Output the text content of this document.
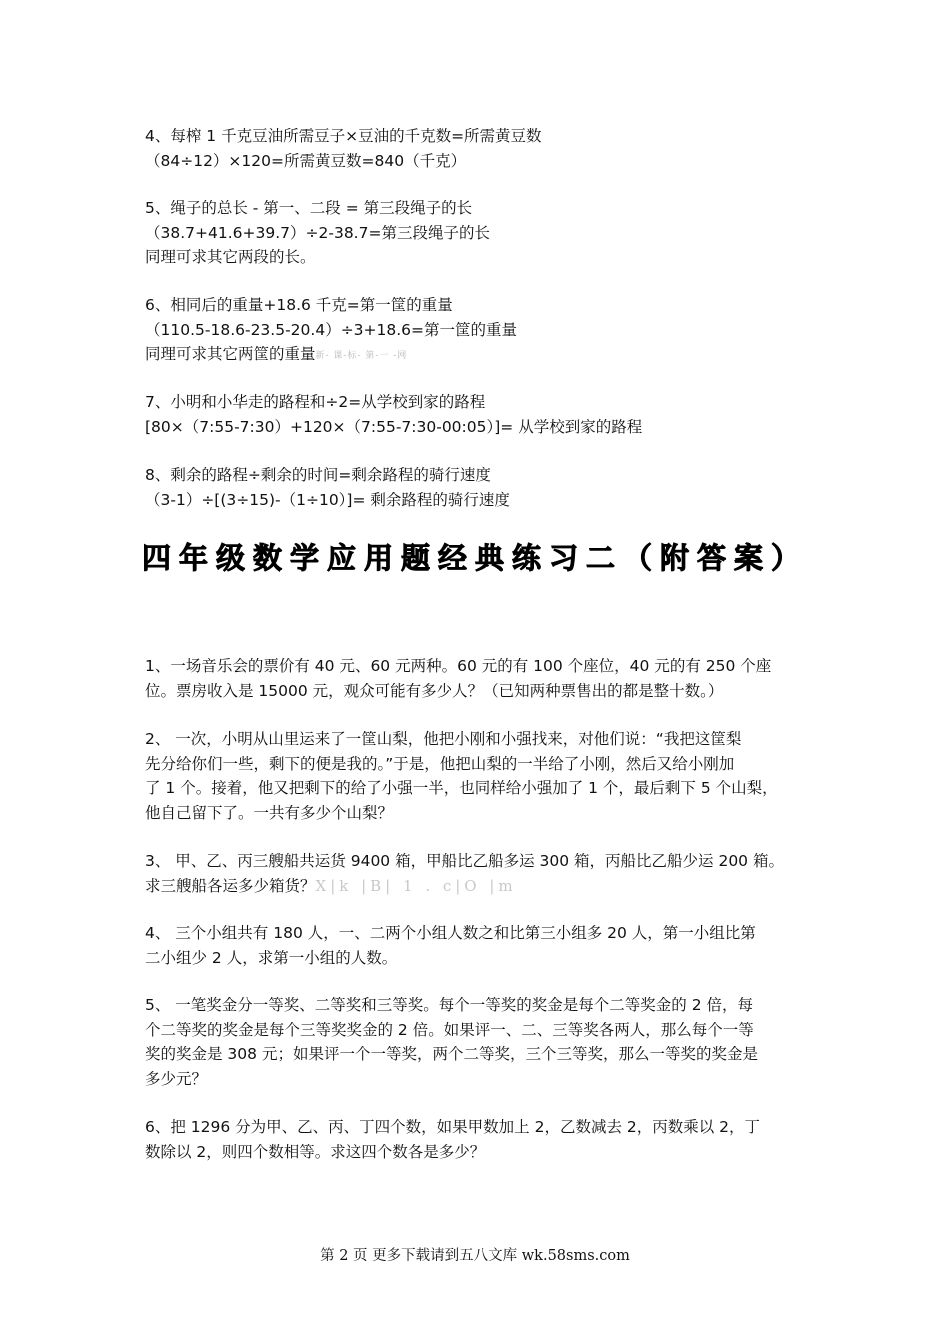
4、每榨 1 千克豆油所需豆子×豆油的千克数=所需黄豆数
（84÷12）×120=所需黄豆数=840（千克）
5、绳子的总长 - 第一、二段 = 第三段绳子的长
（38.7+41.6+39.7）÷2-38.7=第三段绳子的长
同理可求其它两段的长。
6、相同后的重量+18.6 千克=第一筐的重量
（110.5-18.6-23.5-20.4）÷3+18.6=第一筐的重量
同理可求其它两筐的重量新- 课-标- 第-一 -网
7、小明和小华走的路程和÷2=从学校到家的路程
[80×（7:55-7:30）+120×（7:55-7:30-00:05）]= 从学校到家的路程
8、剩余的路程÷剩余的时间=剩余路程的骑行速度
（3-1）÷[(3÷15)-（1÷10）]= 剩余路程的骑行速度
四年级数学应用题经典练习二（附答案）
1、一场音乐会的票价有 40 元、60 元两种。60 元的有 100 个座位，40 元的有 250 个座
位。票房收入是 15000 元，观众可能有多少人？（已知两种票售出的都是整十数。）
2、 一次，小明从山里运来了一筐山梨，他把小刚和小强找来，对他们说：“我把这筐梨
先分给你们一些，剩下的便是我的。”于是，他把山梨的一半给了小刚，然后又给小刚加
了 1 个。接着，他又把剩下的给了小强一半，也同样给小强加了 1 个，最后剩下 5 个山梨，
他自己留下了。一共有多少个山梨？
3、 甲、乙、丙三艘船共运货 9400 箱，甲船比乙船多运 300 箱，丙船比乙船少运 200 箱。
求三艘船各运多少箱货？X|k |B| 1 . c|O |m
4、 三个小组共有 180 人，一、二两个小组人数之和比第三小组多 20 人，第一小组比第
二小组少 2 人，求第一小组的人数。
5、 一笔奖金分一等奖、二等奖和三等奖。每个一等奖的奖金是每个二等奖金的 2 倍，每
个二等奖的奖金是每个三等奖奖金的 2 倍。如果评一、二、三等奖各两人，那么每个一等
奖的奖金是 308 元；如果评一个一等奖，两个二等奖，三个三等奖，那么一等奖的奖金是
多少元？
6、把 1296 分为甲、乙、丙、丁四个数，如果甲数加上 2，乙数减去 2，丙数乘以 2，丁
数除以 2，则四个数相等。求这四个数各是多少？
第 2 页 更多下载请到五八文库 wk.58sms.com
